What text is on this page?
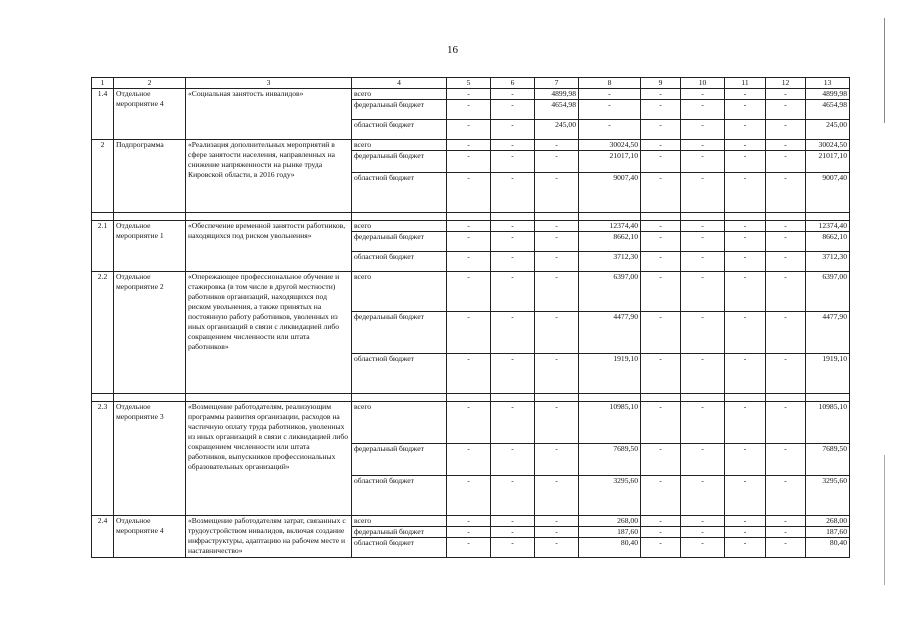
16
1	2	3	4	5	6	7	8	9	10	11	12	13
1.4	Отдельное мероприятие 4	«Социальная занятость инвалидов»	всего	-	-	4899,98	-	-	-	-	-	4899,98
			федеральный бюджет	-	-	4654,98	-	-	-	-	-	4654,98
			областной бюджет	-	-	245,00	-	-	-	-	-	245,00
2	Подпрограмма	«Реализация дополнительных мероприятий в сфере занятости населения, направленных на снижение напряженности на рынке труда Кировской области, в 2016 году»	всего	-	-	-	30024,50	-	-	-	-	30024,50
			федеральный бюджет	-	-	-	21017,10	-	-	-	-	21017,10
			областной бюджет	-	-	-	9007,40	-	-	-	-	9007,40

2.1	Отдельное мероприятие 1	«Обеспечение временной занятости работников, находящихся под риском увольнения»	всего	-	-	-	12374,40	-	-	-	-	12374,40
			федеральный бюджет	-	-	-	8662,10	-	-	-	-	8662,10
			областной бюджет	-	-	-	3712,30	-	-	-	-	3712,30
2.2	Отдельное мероприятие 2	«Опережающее профессиональное обучение и стажировка (в том числе в другой местности) работников организаций, находящихся под риском увольнения, а также принятых на постоянную работу работников, уволенных из иных организаций в связи с ликвидацией либо сокращением численности или штата работников»	всего	-	-	-	6397,00	-	-	-	-	6397,00
			федеральный бюджет	-	-	-	4477,90	-	-	-	-	4477,90
			областной бюджет	-	-	-	1919,10	-	-	-	-	1919,10

2.3	Отдельное мероприятие 3	«Возмещение работодателям, реализующим программы развития организации, расходов на частичную оплату труда работников, уволенных из иных организаций в связи с ликвидацией либо сокращением численности или штата работников, выпускников профессиональных образовательных организаций»	всего	-	-	-	10985,10	-	-	-	-	10985,10
			федеральный бюджет	-	-	-	7689,50	-	-	-	-	7689,50
			областной бюджет	-	-	-	3295,60	-	-	-	-	3295,60
2.4	Отдельное мероприятие 4	«Возмещение работодателям затрат, связанных с трудоустройством инвалидов, включая создание инфраструктуры, адаптацию на рабочем месте и наставничество»	всего	-	-	-	268,00	-	-	-	-	268,00
			федеральный бюджет	-	-	-	187,60	-	-	-	-	187,60
			областной бюджет	-	-	-	80,40	-	-	-	-	80,40
